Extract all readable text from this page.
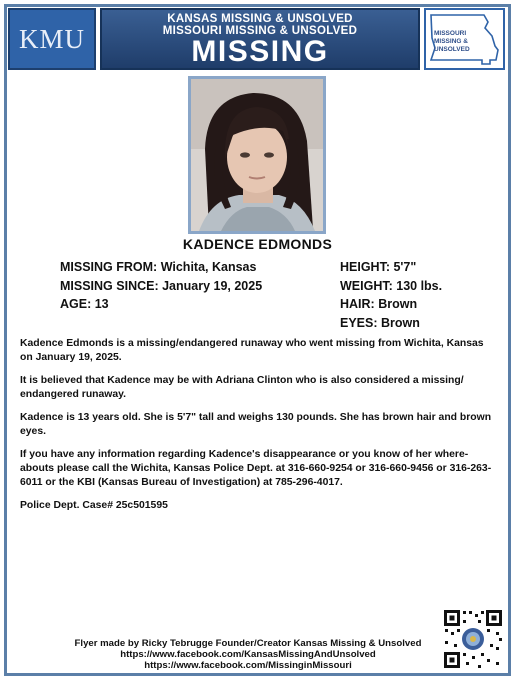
KMU
KANSAS MISSING & UNSOLVED
MISSOURI MISSING & UNSOLVED
MISSING
MISSOURI
MISSING &
UNSOLVED
KADENCE EDMONDS
MISSING FROM: Wichita, Kansas
MISSING SINCE: January 19, 2025
AGE: 13
HEIGHT: 5'7"
WEIGHT: 130 lbs.
HAIR: Brown
EYES: Brown

Kadence Edmonds is a missing/endangered runaway who went missing from Wichita, Kansas on January 19, 2025.

It is believed that Kadence may be with Adriana Clinton who is also considered a missing/ endangered runaway.

Kadence is 13 years old. She is 5'7" tall and weighs 130 pounds. She has brown hair and brown eyes.

If you have any information regarding Kadence's disappearance or you know of her where- abouts please call the Wichita, Kansas Police Dept. at 316-660-9254 or 316-660-9456 or 316-263-6011 or the KBI (Kansas Bureau of Investigation) at 785-296-4017.

Police Dept. Case# 25c501595

Flyer made by Ricky Tebrugge Founder/Creator Kansas Missing & Unsolved
https://www.facebook.com/KansasMissingAndUnsolved
https://www.facebook.com/MissinginMissouri
